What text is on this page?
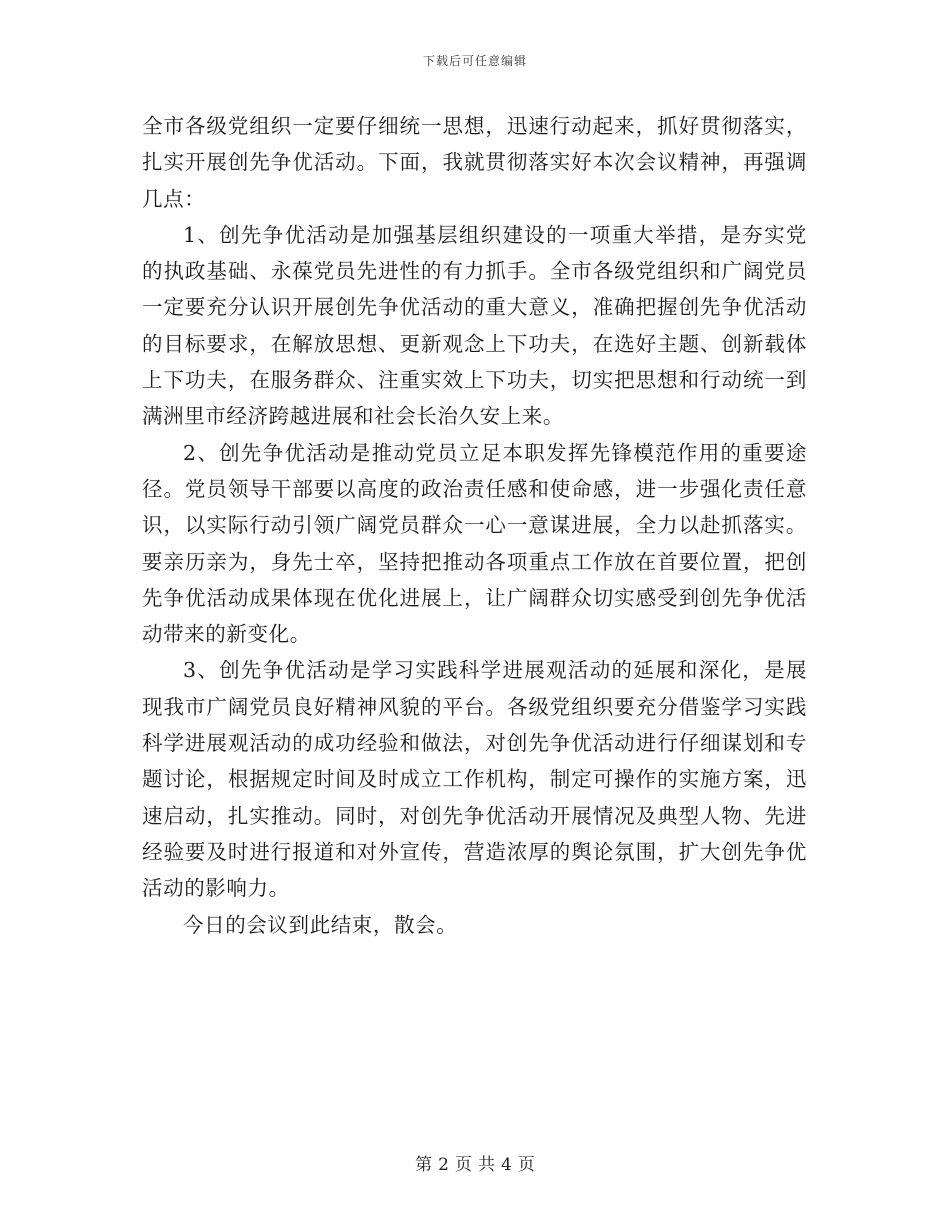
下载后可任意编辑

全市各级党组织一定要仔细统一思想，迅速行动起来，抓好贯彻落实，扎实开展创先争优活动。下面，我就贯彻落实好本次会议精神，再强调几点：

1、创先争优活动是加强基层组织建设的一项重大举措，是夯实党的执政基础、永葆党员先进性的有力抓手。全市各级党组织和广阔党员一定要充分认识开展创先争优活动的重大意义，准确把握创先争优活动的目标要求，在解放思想、更新观念上下功夫，在选好主题、创新载体上下功夫，在服务群众、注重实效上下功夫，切实把思想和行动统一到满洲里市经济跨越进展和社会长治久安上来。

2、创先争优活动是推动党员立足本职发挥先锋模范作用的重要途径。党员领导干部要以高度的政治责任感和使命感，进一步强化责任意识，以实际行动引领广阔党员群众一心一意谋进展，全力以赴抓落实。要亲历亲为，身先士卒，坚持把推动各项重点工作放在首要位置，把创先争优活动成果体现在优化进展上，让广阔群众切实感受到创先争优活动带来的新变化。

3、创先争优活动是学习实践科学进展观活动的延展和深化，是展现我市广阔党员良好精神风貌的平台。各级党组织要充分借鉴学习实践科学进展观活动的成功经验和做法，对创先争优活动进行仔细谋划和专题讨论，根据规定时间及时成立工作机构，制定可操作的实施方案，迅速启动，扎实推动。同时，对创先争优活动开展情况及典型人物、先进经验要及时进行报道和对外宣传，营造浓厚的舆论氛围，扩大创先争优活动的影响力。

今日的会议到此结束，散会。

第 2 页 共 4 页
